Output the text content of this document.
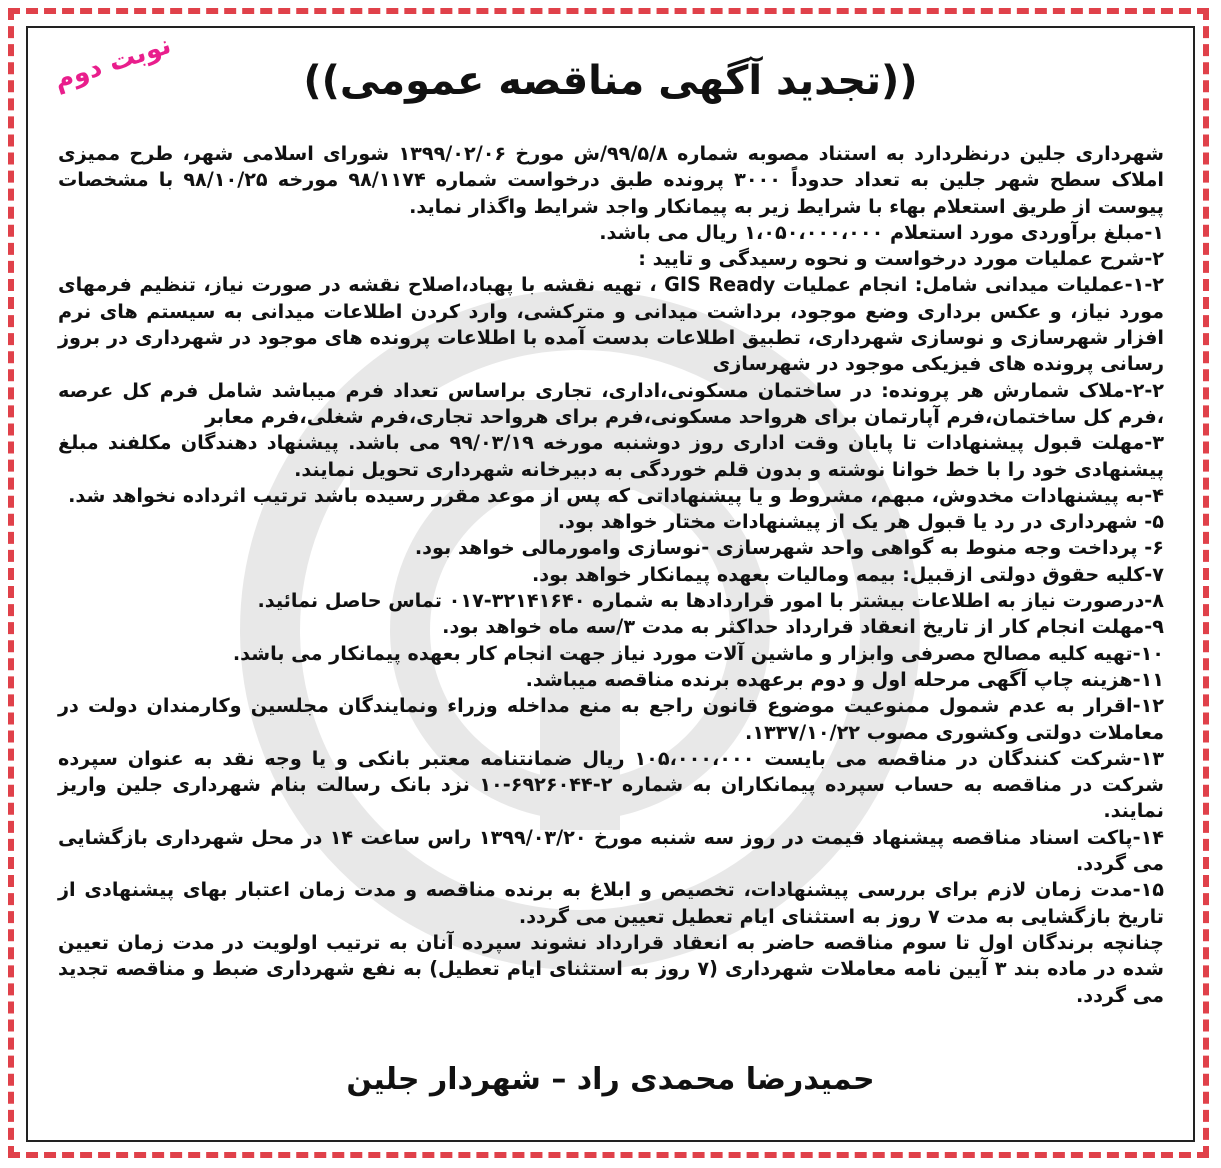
نوبت دوم	((تجدید آگهی مناقصه عمومی))

شهرداری جلین درنظردارد به استناد مصوبه شماره ۹۹/۵/۸/ش مورخ ۱۳۹۹/۰۲/۰۶ شورای اسلامی شهر، طرح ممیزی املاک سطح شهر جلین به تعداد حدوداً ۳۰۰۰ پرونده طبق درخواست شماره ۹۸/۱۱۷۴ مورخه ۹۸/۱۰/۲۵ با مشخصات پیوست از طریق استعلام بهاء با شرایط زیر به پیمانکار واجد شرایط واگذار نماید.

۱-مبلغ برآوردی مورد استعلام ۱،۰۵۰،۰۰۰،۰۰۰ ریال می باشد.

۲-شرح عملیات مورد درخواست و نحوه رسیدگی و تایید :

۱-۲-عملیات میدانی شامل: انجام عملیات GIS Ready ، تهیه نقشه با پهباد،اصلاح نقشه در صورت نیاز، تنظیم فرمهای مورد نیاز، و عکس برداری وضع موجود، برداشت میدانی و مترکشی، وارد کردن اطلاعات میدانی به سیستم های نرم افزار شهرسازی و نوسازی شهرداری، تطبیق اطلاعات بدست آمده با اطلاعات پرونده های موجود در شهرداری در بروز رسانی پرونده های فیزیکی موجود در شهرسازی

۲-۲-ملاک شمارش هر پرونده: در ساختمان مسکونی،اداری، تجاری براساس تعداد فرم میباشد شامل فرم کل عرصه ،فرم کل ساختمان،فرم آپارتمان برای هرواحد مسکونی،فرم برای هرواحد تجاری،فرم شغلی،فرم معابر

۳-مهلت قبول پیشنهادات تا پایان وقت اداری روز دوشنبه مورخه ۹۹/۰۳/۱۹ می باشد. پیشنهاد دهندگان مکلفند مبلغ پیشنهادی خود را با خط خوانا نوشته و بدون قلم خوردگی به دبیرخانه شهرداری تحویل نمایند.

۴-به پیشنهادات مخدوش، مبهم، مشروط و یا پیشنهاداتی که پس از موعد مقرر رسیده باشد ترتیب اثرداده نخواهد شد.

۵- شهرداری در رد یا قبول هر یک از پیشنهادات مختار خواهد بود.

۶- پرداخت وجه منوط به گواهی واحد شهرسازی -نوسازی وامورمالی خواهد بود.

۷-کلیه حقوق دولتی ازقبیل: بیمه ومالیات بعهده پیمانکار خواهد بود.

۸-درصورت نیاز به اطلاعات بیشتر با امور قراردادها به شماره ۳۲۱۴۱۶۴۰-۰۱۷ تماس حاصل نمائید.

۹-مهلت انجام کار از تاریخ انعقاد قرارداد حداکثر به مدت ۳/سه ماه خواهد بود.

۱۰-تهیه کلیه مصالح مصرفی وابزار و ماشین آلات مورد نیاز جهت انجام کار بعهده پیمانکار می باشد.

۱۱-هزینه چاپ آگهی مرحله اول و دوم برعهده برنده مناقصه میباشد.

۱۲-اقرار به عدم شمول ممنوعیت موضوع قانون راجع به منع مداخله وزراء ونمایندگان مجلسین وکارمندان دولت در معاملات دولتی وکشوری مصوب ۱۳۳۷/۱۰/۲۲.

۱۳-شرکت کنندگان در مناقصه می بایست ۱۰۵،۰۰۰،۰۰۰ ریال ضمانتنامه معتبر بانکی و یا وجه نقد به عنوان سپرده شرکت در مناقصه به حساب سپرده پیمانکاران به شماره ۲-۶۹۲۶۰۴۴-۱۰ نزد بانک رسالت بنام شهرداری جلین واریز نمایند.

۱۴-پاکت اسناد مناقصه پیشنهاد قیمت در روز سه شنبه مورخ ۱۳۹۹/۰۳/۲۰ راس ساعت ۱۴ در محل شهرداری بازگشایی می گردد.

۱۵-مدت زمان لازم برای بررسی پیشنهادات، تخصیص و ابلاغ به برنده مناقصه و مدت زمان اعتبار بهای پیشنهادی از تاریخ بازگشایی به مدت ۷ روز به استثنای ایام تعطیل تعیین می گردد.

چنانچه برندگان اول تا سوم مناقصه حاضر به انعقاد قرارداد نشوند سپرده آنان به ترتیب اولویت در مدت زمان تعیین شده در ماده بند ۳ آیین نامه معاملات شهرداری (۷ روز به استثنای ایام تعطیل) به نفع شهرداری ضبط و مناقصه تجدید می گردد.

حمیدرضا محمدی راد – شهردار جلین
